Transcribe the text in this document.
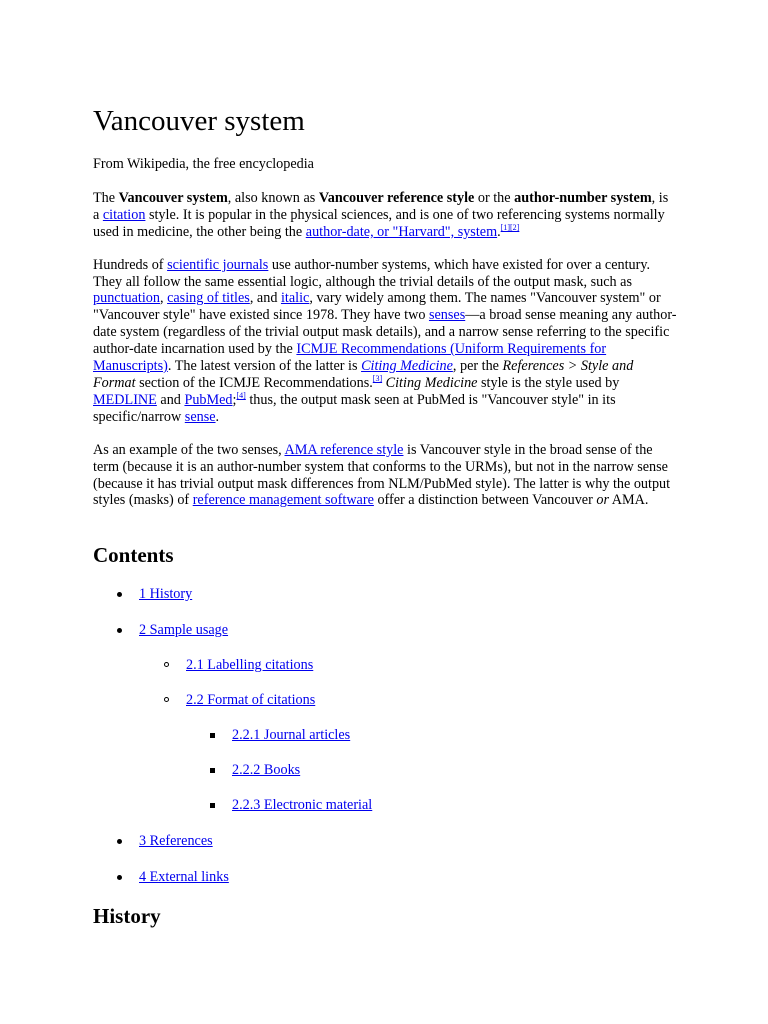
Vancouver system
From Wikipedia, the free encyclopedia

The Vancouver system, also known as Vancouver reference style or the author-number system, is a citation style. It is popular in the physical sciences, and is one of two referencing systems normally used in medicine, the other being the author-date, or "Harvard", system.[1][2]

Hundreds of scientific journals use author-number systems, which have existed for over a century. They all follow the same essential logic, although the trivial details of the output mask, such as punctuation, casing of titles, and italic, vary widely among them. The names "Vancouver system" or "Vancouver style" have existed since 1978. They have two senses—a broad sense meaning any author-date system (regardless of the trivial output mask details), and a narrow sense referring to the specific author-date incarnation used by the ICMJE Recommendations (Uniform Requirements for Manuscripts). The latest version of the latter is Citing Medicine, per the References > Style and Format section of the ICMJE Recommendations.[3] Citing Medicine style is the style used by MEDLINE and PubMed;[4] thus, the output mask seen at PubMed is "Vancouver style" in its specific/narrow sense.

As an example of the two senses, AMA reference style is Vancouver style in the broad sense of the term (because it is an author-number system that conforms to the URMs), but not in the narrow sense (because it has trivial output mask differences from NLM/PubMed style). The latter is why the output styles (masks) of reference management software offer a distinction between Vancouver or AMA.

Contents
1 History
2 Sample usage
2.1 Labelling citations
2.2 Format of citations
2.2.1 Journal articles
2.2.2 Books
2.2.3 Electronic material
3 References
4 External links
History
